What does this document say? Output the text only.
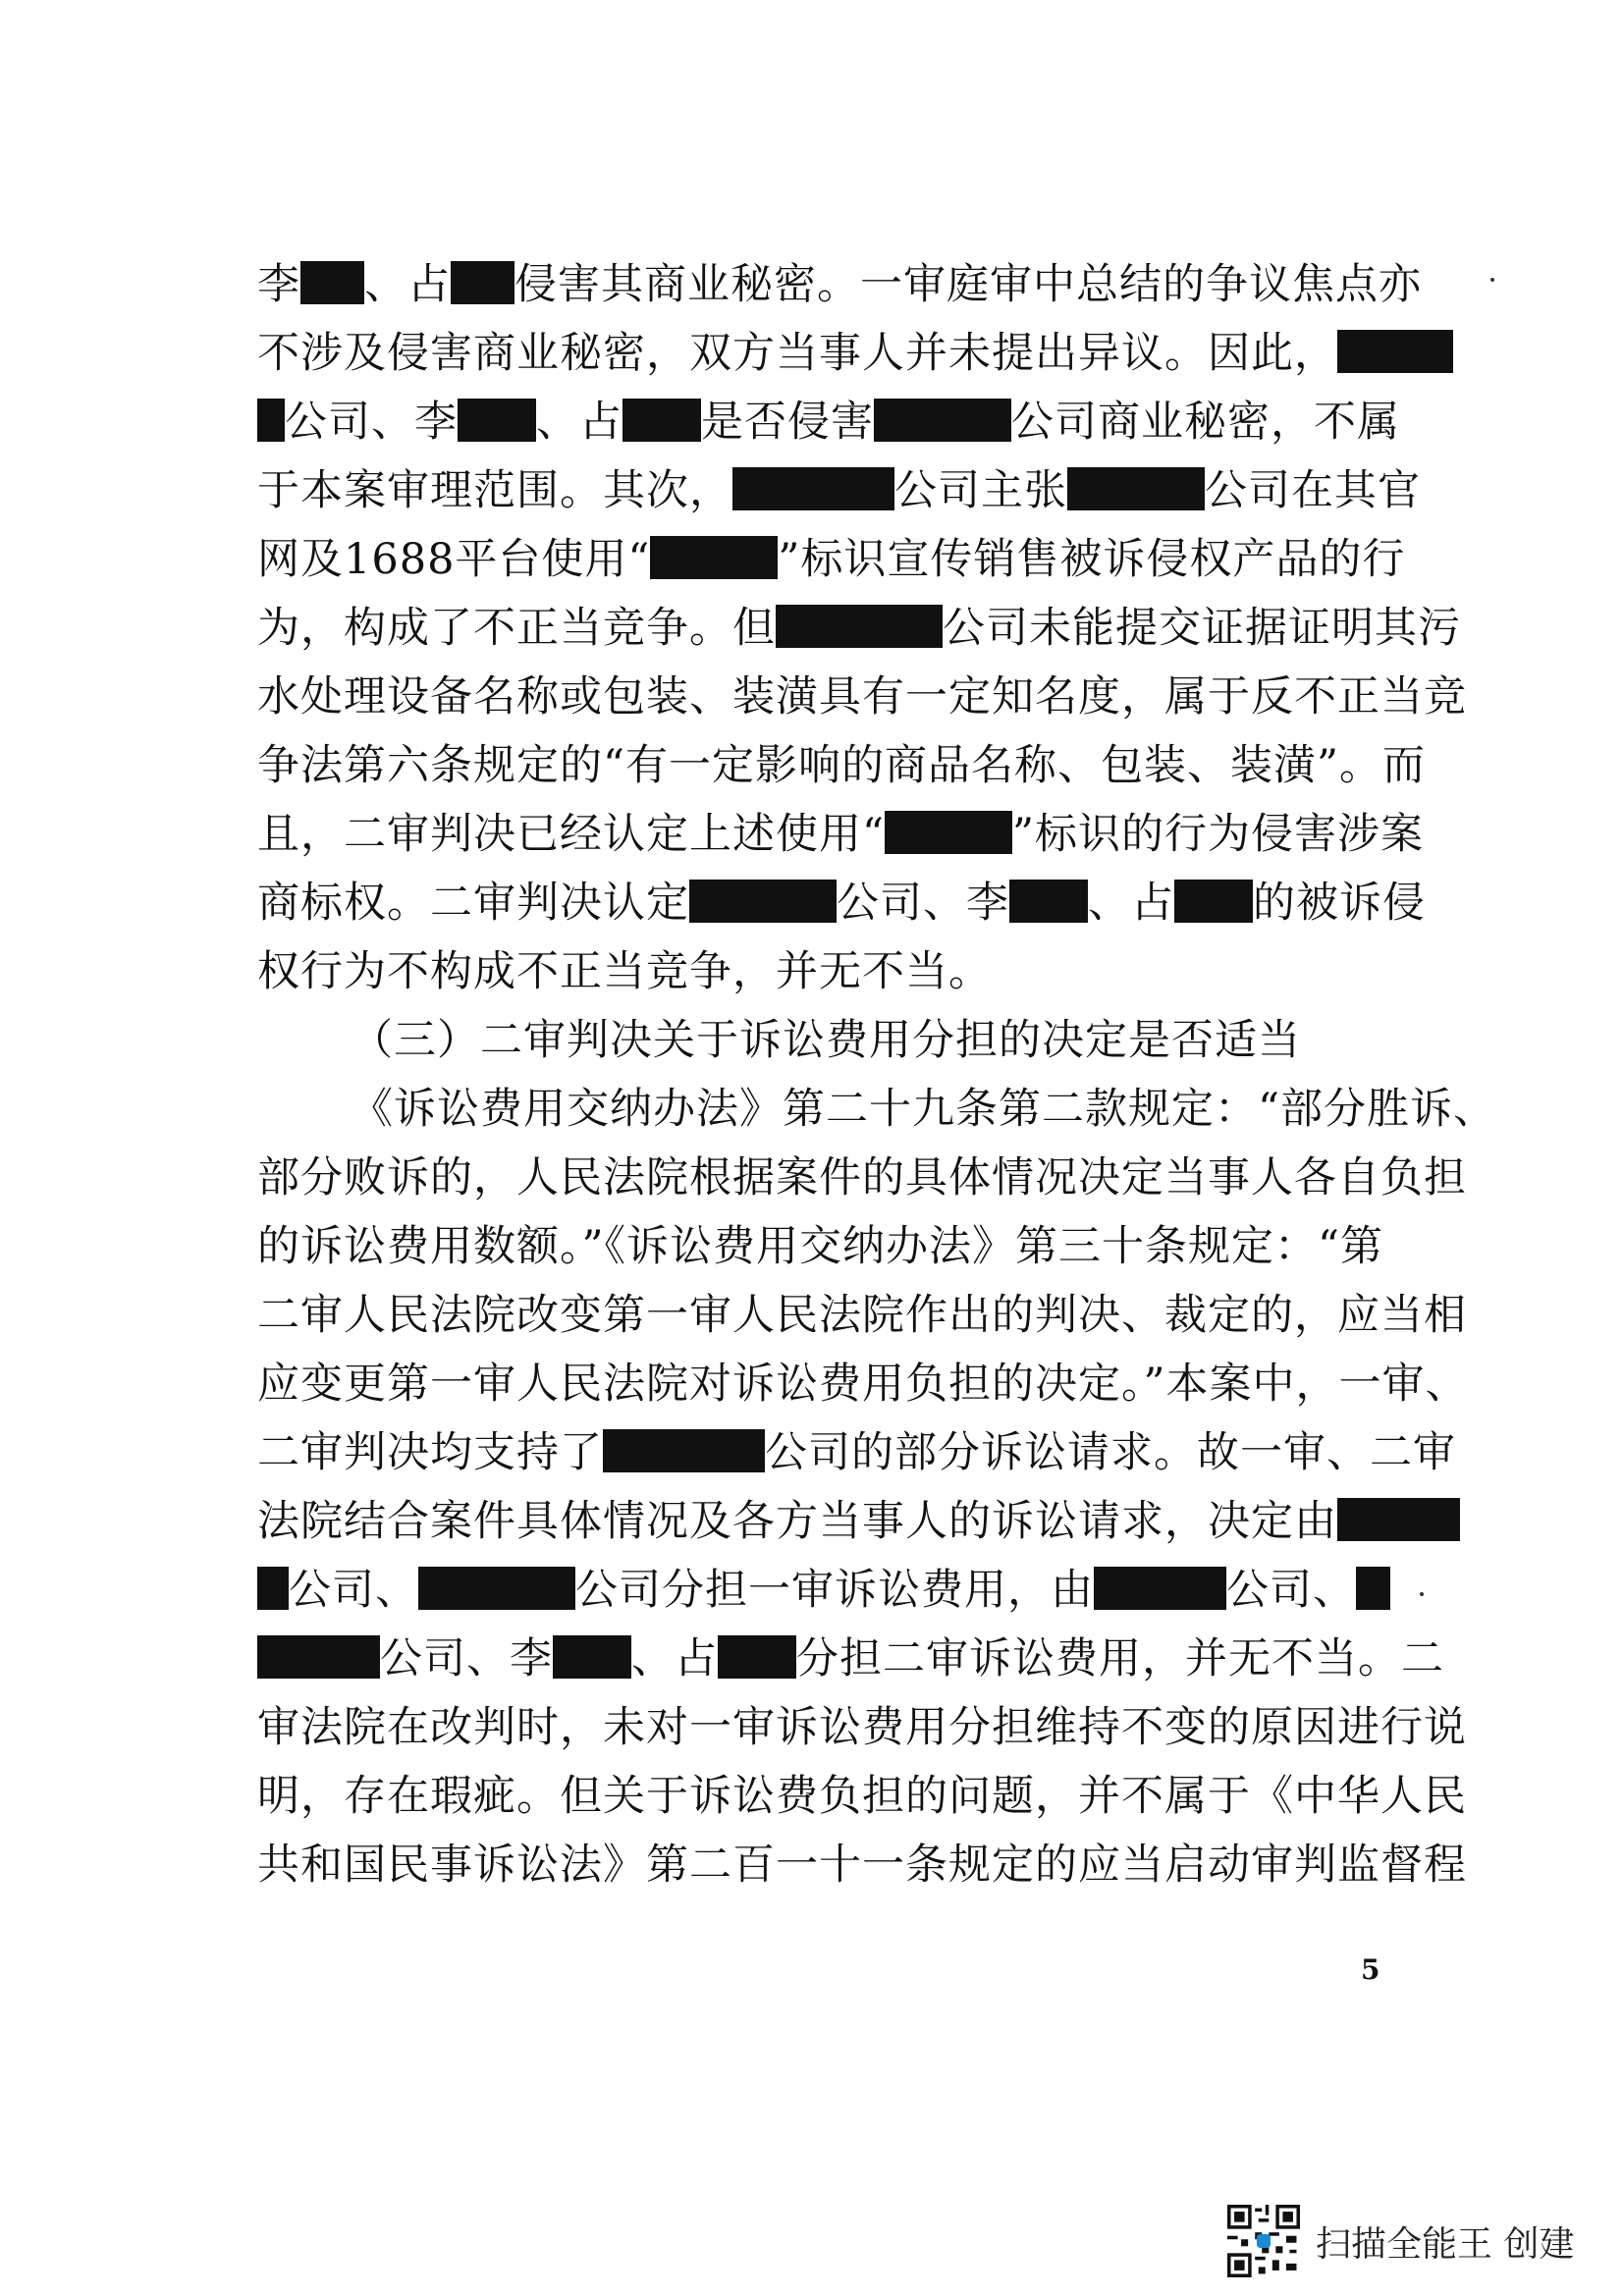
李 、占 侵害其商业秘密。一审庭审中总结的争议焦点亦
不涉及侵害商业秘密，双方当事人并未提出异议。因此，
公司、李 、占 是否侵害	公司商业秘密，不属
于本案审理范围。其次，	公司主张	公司在其官
网及1688平台使用“	”标识宣传销售被诉侵权产品的行
为，构成了不正当竞争。但	公司未能提交证据证明其污
水处理设备名称或包装、装潢具有一定知名度，属于反不正当竞
争法第六条规定的“有一定影响的商品名称、包装、装潢”。而
且，二审判决已经认定上述使用“	”标识的行为侵害涉案
商标权。二审判决认定	公司、李 、占 的被诉侵
权行为不构成不正当竞争，并无不当。
（三）二审判决关于诉讼费用分担的决定是否适当
《诉讼费用交纳办法》第二十九条第二款规定：“部分胜诉、
部分败诉的，人民法院根据案件的具体情况决定当事人各自负担
的诉讼费用数额。”《诉讼费用交纳办法》第三十条规定：“第
二审人民法院改变第一审人民法院作出的判决、裁定的，应当相
应变更第一审人民法院对诉讼费用负担的决定。”本案中，一审、
二审判决均支持了	公司的部分诉讼请求。故一审、二审
法院结合案件具体情况及各方当事人的诉讼请求，决定由
公司、	公司分担一审诉讼费用，由	公司、
公司、李 、占 分担二审诉讼费用，并无不当。二
审法院在改判时，未对一审诉讼费用分担维持不变的原因进行说
明，存在瑕疵。但关于诉讼费负担的问题，并不属于《中华人民
共和国民事诉讼法》第二百一十一条规定的应当启动审判监督程
5
扫描全能王 创建
